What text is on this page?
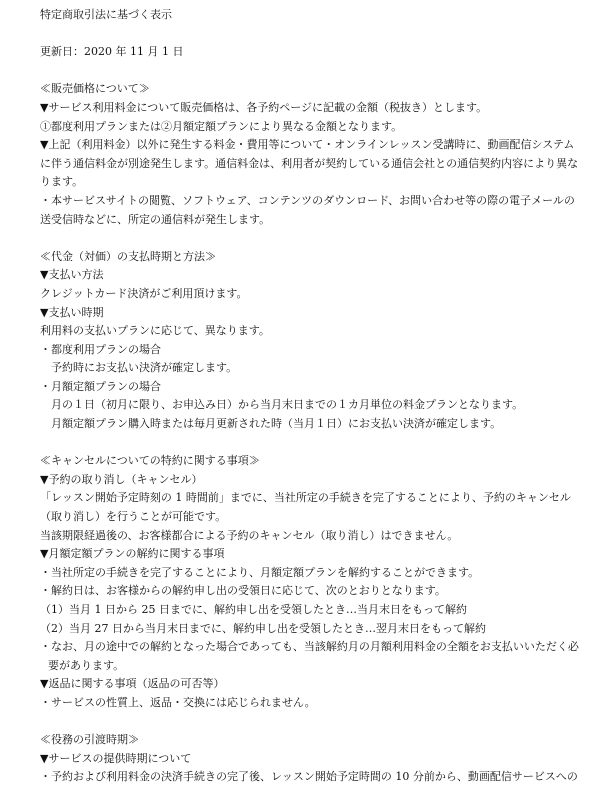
特定商取引法に基づく表示
更新日：2020 年 11 月 1 日
≪販売価格について≫
▼サービス利用料金について販売価格は、各予約ページに記載の金額（税抜き）とします。
①都度利用プランまたは②月額定額プランにより異なる金額となります。
▼上記（利用料金）以外に発生する料金・費用等について・オンラインレッスン受講時に、動画配信システム
に伴う通信料金が別途発生します。通信料金は、利用者が契約している通信会社との通信契約内容により異な
ります。
・本サービスサイトの閲覧、ソフトウェア、コンテンツのダウンロード、お問い合わせ等の際の電子メールの
送受信時などに、所定の通信料が発生します。
≪代金（対価）の支払時期と方法≫
▼支払い方法
クレジットカード決済がご利用頂けます。
▼支払い時期
利用料の支払いプランに応じて、異なります。
・都度利用プランの場合
予約時にお支払い決済が確定します。
・月額定額プランの場合
月の１日（初月に限り、お申込み日）から当月末日までの１カ月単位の料金プランとなります。
月額定額プラン購入時または毎月更新された時（当月１日）にお支払い決済が確定します。
≪キャンセルについての特約に関する事項≫
▼予約の取り消し（キャンセル）
「レッスン開始予定時刻の 1 時間前」までに、当社所定の手続きを完了することにより、予約のキャンセル
（取り消し）を行うことが可能です。
当該期限経過後の、お客様都合による予約のキャンセル（取り消し）はできません。
▼月額定額プランの解約に関する事項
・当社所定の手続きを完了することにより、月額定額プランを解約することができます。
・解約日は、お客様からの解約申し出の受領日に応じて、次のとおりとなります。
（1）当月 1 日から 25 日までに、解約申し出を受領したとき…当月末日をもって解約
（2）当月 27 日から当月末日までに、解約申し出を受領したとき…翌月末日をもって解約
・なお、月の途中での解約となった場合であっても、当該解約月の月額利用料金の全額をお支払いいただく必
要があります。
▼返品に関する事項（返品の可否等）
・サービスの性質上、返品・交換には応じられません。
≪役務の引渡時期≫
▼サービスの提供時期について
・予約および利用料金の決済手続きの完了後、レッスン開始予定時間の 10 分前から、動画配信サービスへの
